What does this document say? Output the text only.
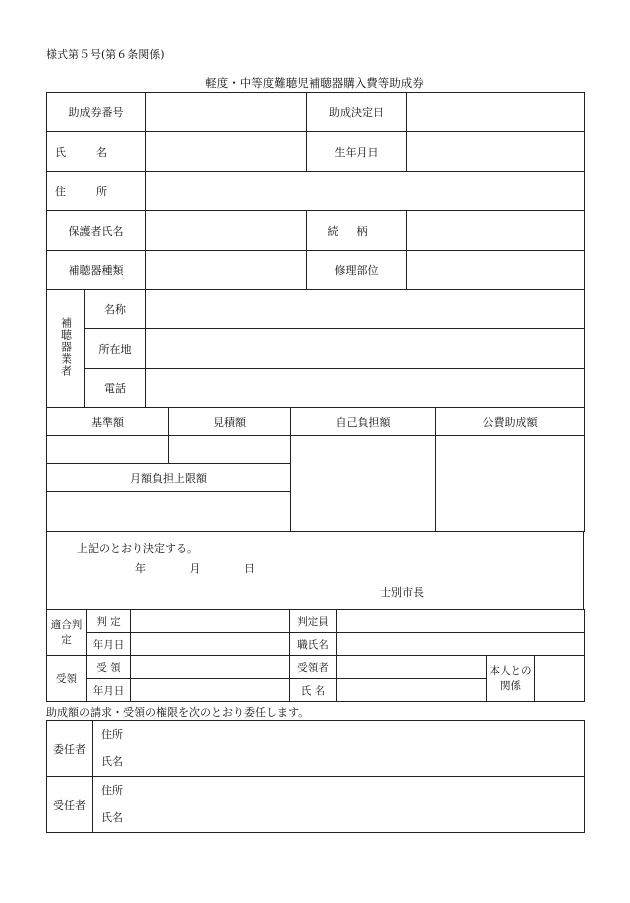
様式第５号(第６条関係)
軽度・中等度難聴児補聴器購入費等助成券
助成券番号			助成決定日	
氏名			生年月日	
住所				
保護者氏名			続柄	
補聴器種類			修理部位	
補聴器業者	名称			
	所在地			
	電話			
基準額	見積額	自己負担額	公費助成額

月額負担上限額			

上記のとおり決定する。
年 月 日
士別市長
適合判定	判 定		判定員			
	年月日		職氏名			
受領	受 領		受領者		本人との関係	
	年月日		氏 名			
助成額の請求・受領の権限を次のとおり委任します。
委任者	住所
氏名

受任者	住所
氏名
